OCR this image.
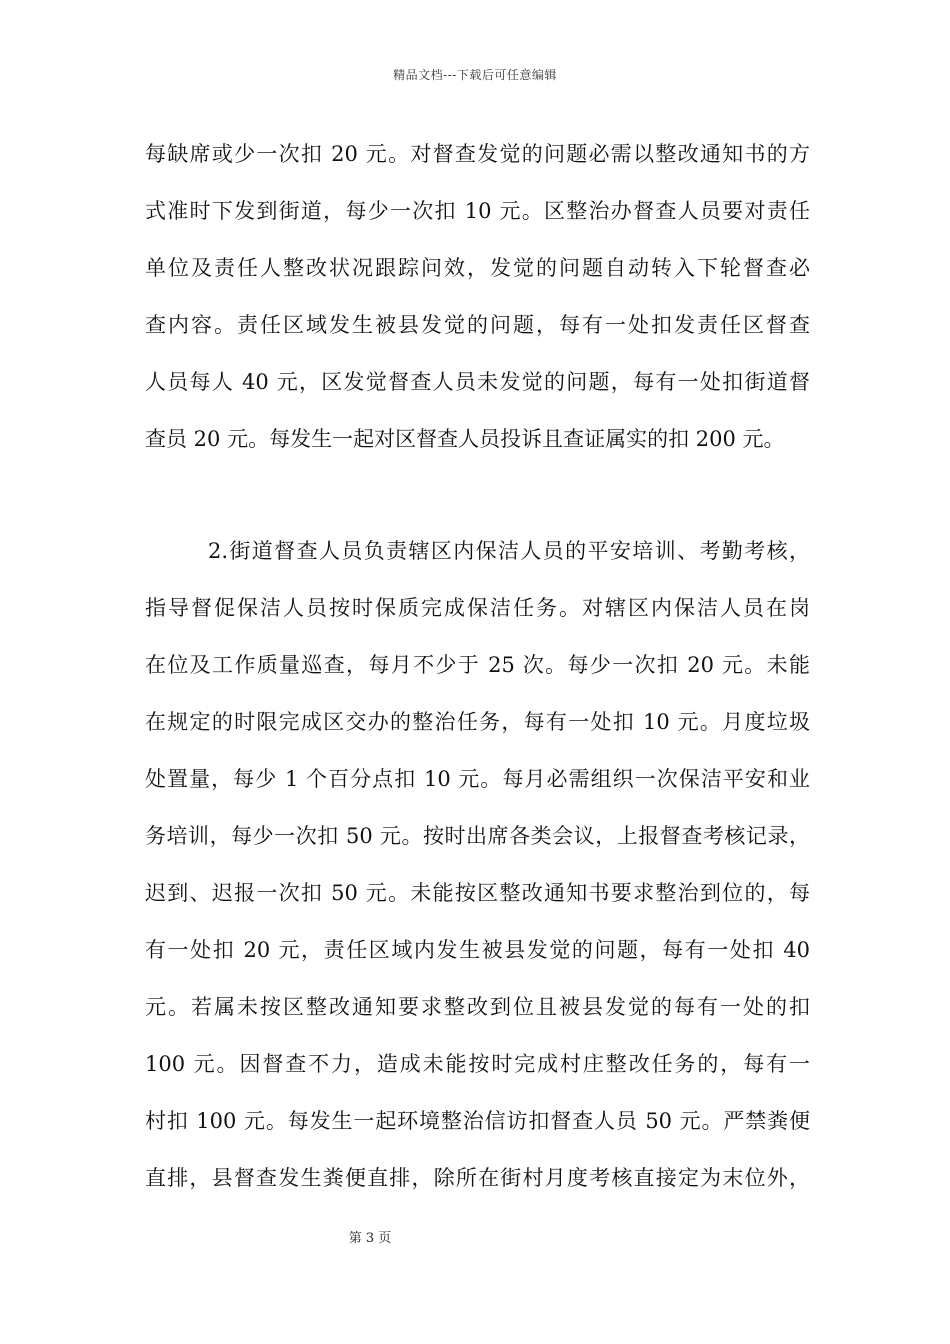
精品文档---下载后可任意编辑
每缺席或少一次扣 20 元。对督查发觉的问题必需以整改通知书的方
式准时下发到街道，每少一次扣 10 元。区整治办督查人员要对责任
单位及责任人整改状况跟踪问效，发觉的问题自动转入下轮督查必
查内容。责任区域发生被县发觉的问题，每有一处扣发责任区督查
人员每人 40 元，区发觉督查人员未发觉的问题，每有一处扣街道督
查员 20 元。每发生一起对区督查人员投诉且查证属实的扣 200 元。
2.街道督查人员负责辖区内保洁人员的平安培训、考勤考核，
指导督促保洁人员按时保质完成保洁任务。对辖区内保洁人员在岗
在位及工作质量巡查，每月不少于 25 次。每少一次扣 20 元。未能
在规定的时限完成区交办的整治任务，每有一处扣 10 元。月度垃圾
处置量，每少 1 个百分点扣 10 元。每月必需组织一次保洁平安和业
务培训，每少一次扣 50 元。按时出席各类会议，上报督查考核记录，
迟到、迟报一次扣 50 元。未能按区整改通知书要求整治到位的，每
有一处扣 20 元，责任区域内发生被县发觉的问题，每有一处扣 40
元。若属未按区整改通知要求整改到位且被县发觉的每有一处的扣
100 元。因督查不力，造成未能按时完成村庄整改任务的，每有一
村扣 100 元。每发生一起环境整治信访扣督查人员 50 元。严禁粪便
直排，县督查发生粪便直排，除所在街村月度考核直接定为末位外，
第 3 页
